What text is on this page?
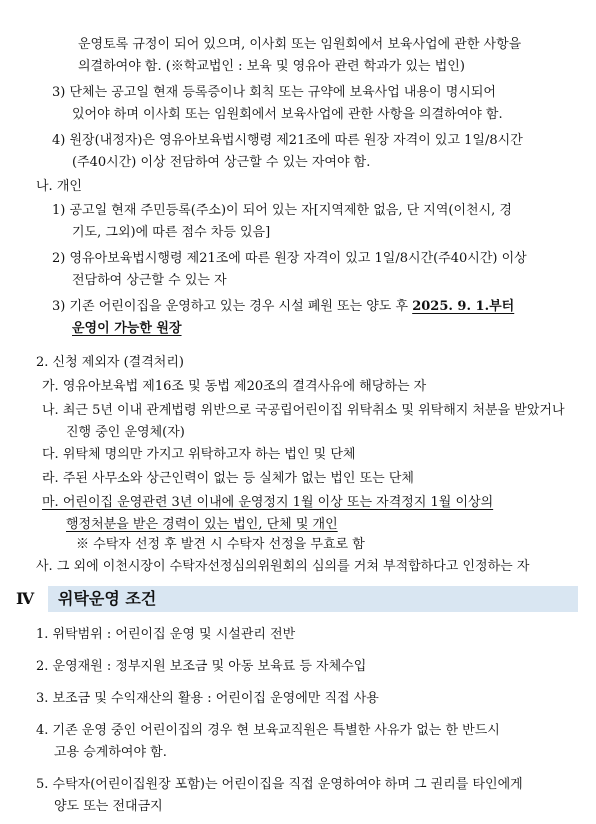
운영토록 규정이 되어 있으며, 이사회 또는 임원회에서 보육사업에 관한 사항을
의결하여야 함. (※학교법인 : 보육 및 영유아 관련 학과가 있는 법인)
3) 단체는 공고일 현재 등록증이나 회칙 또는 규약에 보육사업 내용이 명시되어
있어야 하며 이사회 또는 임원회에서 보육사업에 관한 사항을 의결하여야 함.
4) 원장(내정자)은 영유아보육법시행령 제21조에 따른 원장 자격이 있고 1일/8시간
(주40시간) 이상 전담하여 상근할 수 있는 자여야 함.
나. 개인
1) 공고일 현재 주민등록(주소)이 되어 있는 자[지역제한 없음, 단 지역(이천시, 경
기도, 그외)에 따른 점수 차등 있음]
2) 영유아보육법시행령 제21조에 따른 원장 자격이 있고 1일/8시간(주40시간) 이상
전담하여 상근할 수 있는 자
3) 기존 어린이집을 운영하고 있는 경우 시설 폐원 또는 양도 후 2025. 9. 1.부터
운영이 가능한 원장
2. 신청 제외자 (결격처리)
가. 영유아보육법 제16조 및 동법 제20조의 결격사유에 해당하는 자
나. 최근 5년 이내 관계법령 위반으로 국공립어린이집 위탁취소 및 위탁해지 처분을 받았거나
진행 중인 운영체(자)
다. 위탁체 명의만 가지고 위탁하고자 하는 법인 및 단체
라. 주된 사무소와 상근인력이 없는 등 실체가 없는 법인 또는 단체
마. 어린이집 운영관련 3년 이내에 운영정지 1월 이상 또는 자격정지 1월 이상의
행정처분을 받은 경력이 있는 법인, 단체 및 개인
※ 수탁자 선정 후 발견 시 수탁자 선정을 무효로 함
사. 그 외에 이천시장이 수탁자선정심의위원회의 심의를 거쳐 부적합하다고 인정하는 자
Ⅳ	위탁운영 조건
1. 위탁범위 : 어린이집 운영 및 시설관리 전반
2. 운영재원 : 정부지원 보조금 및 아동 보육료 등 자체수입
3. 보조금 및 수익재산의 활용 : 어린이집 운영에만 직접 사용
4. 기존 운영 중인 어린이집의 경우 현 보육교직원은 특별한 사유가 없는 한 반드시
고용 승계하여야 함.
5. 수탁자(어린이집원장 포함)는 어린이집을 직접 운영하여야 하며 그 권리를 타인에게
양도 또는 전대금지
